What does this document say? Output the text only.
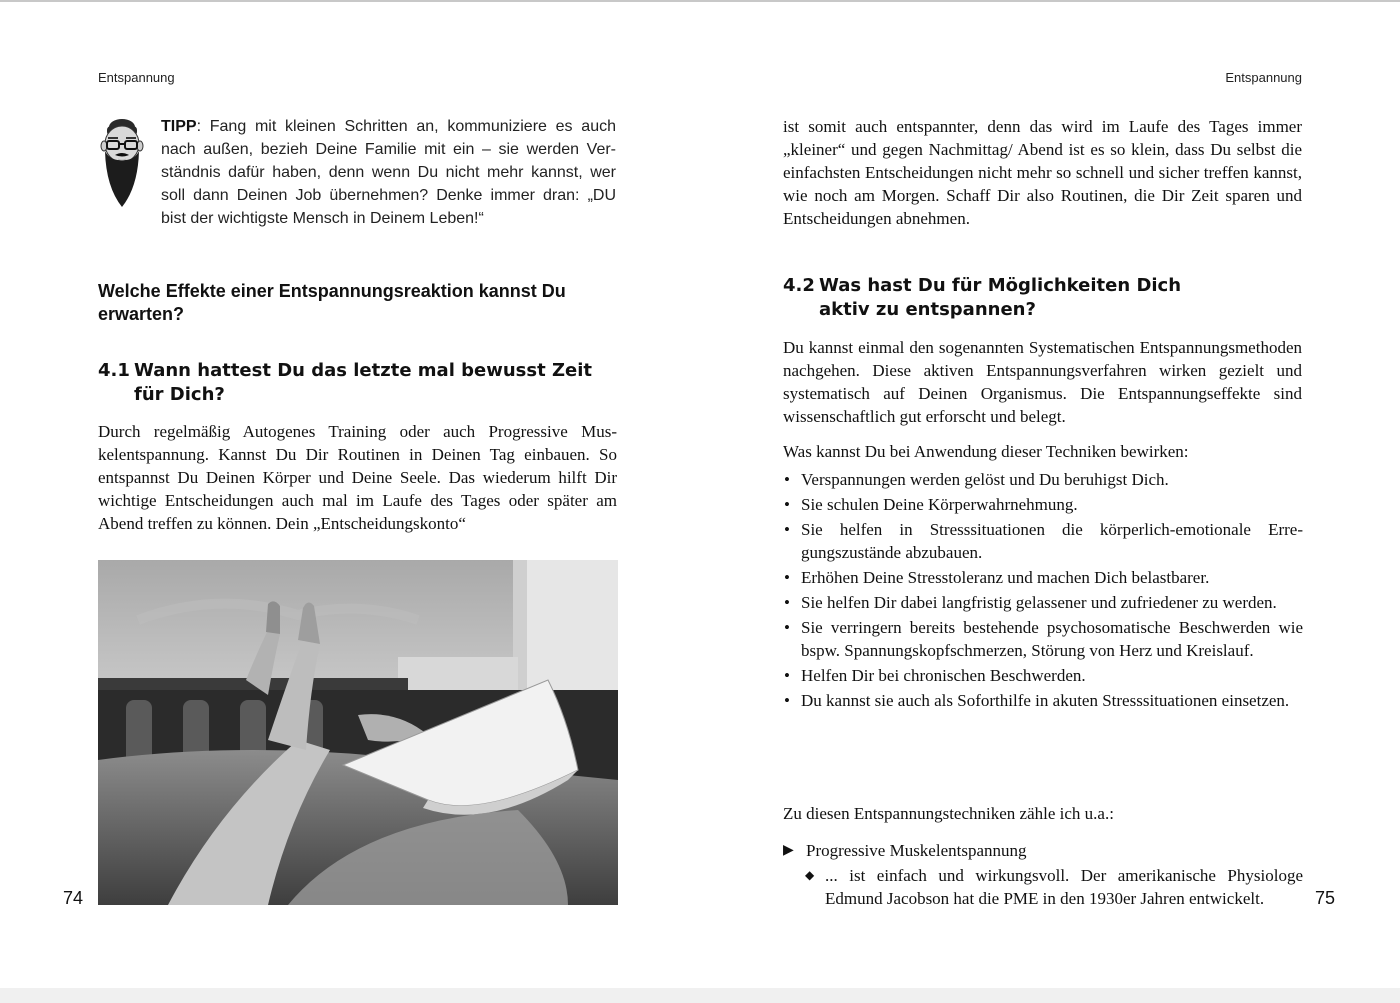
Entspannung
TIPP: Fang mit kleinen Schritten an, kommuniziere es auch nach außen, bezieh Deine Familie mit ein – sie werden Verständnis dafür haben, denn wenn Du nicht mehr kannst, wer soll dann Deinen Job übernehmen? Denke immer dran: „DU bist der wichtigste Mensch in Deinem Leben!“
Welche Effekte einer Entspannungsreaktion kannst Du erwarten?
4.1 Wann hattest Du das letzte mal bewusst Zeit für Dich?
Durch regelmäßig Autogenes Training oder auch Progressive Muskelentspannung. Kannst Du Dir Routinen in Deinen Tag einbauen. So entspannst Du Deinen Körper und Deine Seele. Das wiederum hilft Dir wichtige Entscheidungen auch mal im Laufe des Tages oder später am Abend treffen zu können. Dein „Entscheidungskonto“
74
Entspannung
75
ist somit auch entspannter, denn das wird im Laufe des Tages immer „kleiner“ und gegen Nachmittag/ Abend ist es so klein, dass Du selbst die einfachsten Entscheidungen nicht mehr so schnell und sicher treffen kannst, wie noch am Morgen. Schaff Dir also Routinen, die Dir Zeit sparen und Entscheidungen abnehmen.
4.2 Was hast Du für Möglichkeiten Dich aktiv zu entspannen?
Du kannst einmal den sogenannten Systematischen Entspannungsmethoden nachgehen. Diese aktiven Entspannungsverfahren wirken gezielt und systematisch auf Deinen Organismus. Die Entspannungseffekte sind wissenschaftlich gut erforscht und belegt.
Was kannst Du bei Anwendung dieser Techniken bewirken:
• Verspannungen werden gelöst und Du beruhigst Dich.
• Sie schulen Deine Körperwahrnehmung.
• Sie helfen in Stresssituationen die körperlich-emotionale Erregungszustände abzubauen.
• Erhöhen Deine Stresstoleranz und machen Dich belastbarer.
• Sie helfen Dir dabei langfristig gelassener und zufriedener zu werden.
• Sie verringern bereits bestehende psychosomatische Beschwerden wie bspw. Spannungskopfschmerzen, Störung von Herz und Kreislauf.
• Helfen Dir bei chronischen Beschwerden.
• Du kannst sie auch als Soforthilfe in akuten Stresssituationen einsetzen.
Zu diesen Entspannungstechniken zähle ich u.a.:
▶ Progressive Muskelentspannung
◆ ... ist einfach und wirkungsvoll. Der amerikanische Physiologe Edmund Jacobson hat die PME in den 1930er Jahren entwickelt.
